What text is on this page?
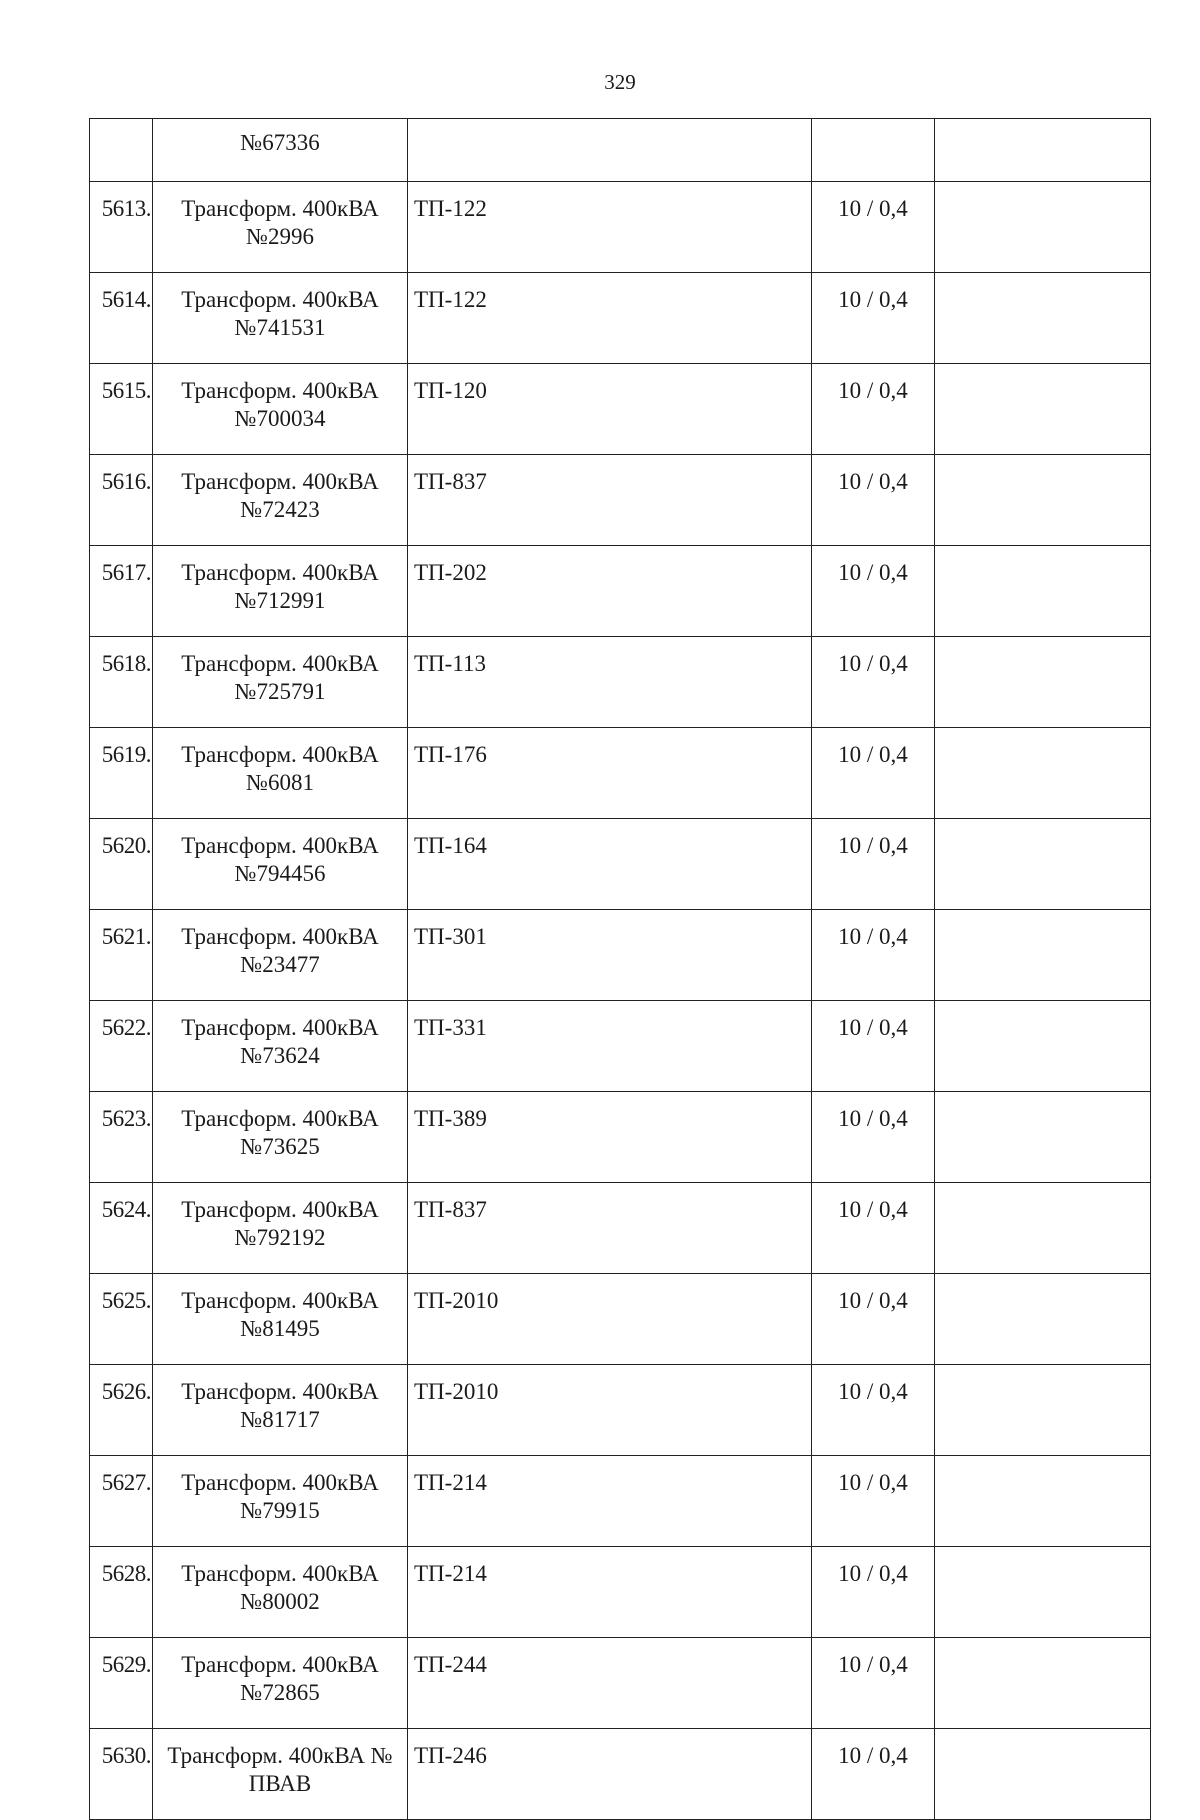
329
	№67336			
5613.	Трансформ. 400кВА №2996	ТП-122	10 / 0,4	
5614.	Трансформ. 400кВА №741531	ТП-122	10 / 0,4	
5615.	Трансформ. 400кВА №700034	ТП-120	10 / 0,4	
5616.	Трансформ. 400кВА №72423	ТП-837	10 / 0,4	
5617.	Трансформ. 400кВА №712991	ТП-202	10 / 0,4	
5618.	Трансформ. 400кВА №725791	ТП-113	10 / 0,4	
5619.	Трансформ. 400кВА №6081	ТП-176	10 / 0,4	
5620.	Трансформ. 400кВА №794456	ТП-164	10 / 0,4	
5621.	Трансформ. 400кВА №23477	ТП-301	10 / 0,4	
5622.	Трансформ. 400кВА №73624	ТП-331	10 / 0,4	
5623.	Трансформ. 400кВА №73625	ТП-389	10 / 0,4	
5624.	Трансформ. 400кВА №792192	ТП-837	10 / 0,4	
5625.	Трансформ. 400кВА №81495	ТП-2010	10 / 0,4	
5626.	Трансформ. 400кВА №81717	ТП-2010	10 / 0,4	
5627.	Трансформ. 400кВА №79915	ТП-214	10 / 0,4	
5628.	Трансформ. 400кВА №80002	ТП-214	10 / 0,4	
5629.	Трансформ. 400кВА №72865	ТП-244	10 / 0,4	
5630.	Трансформ. 400кВА № ПВАВ	ТП-246	10 / 0,4	
